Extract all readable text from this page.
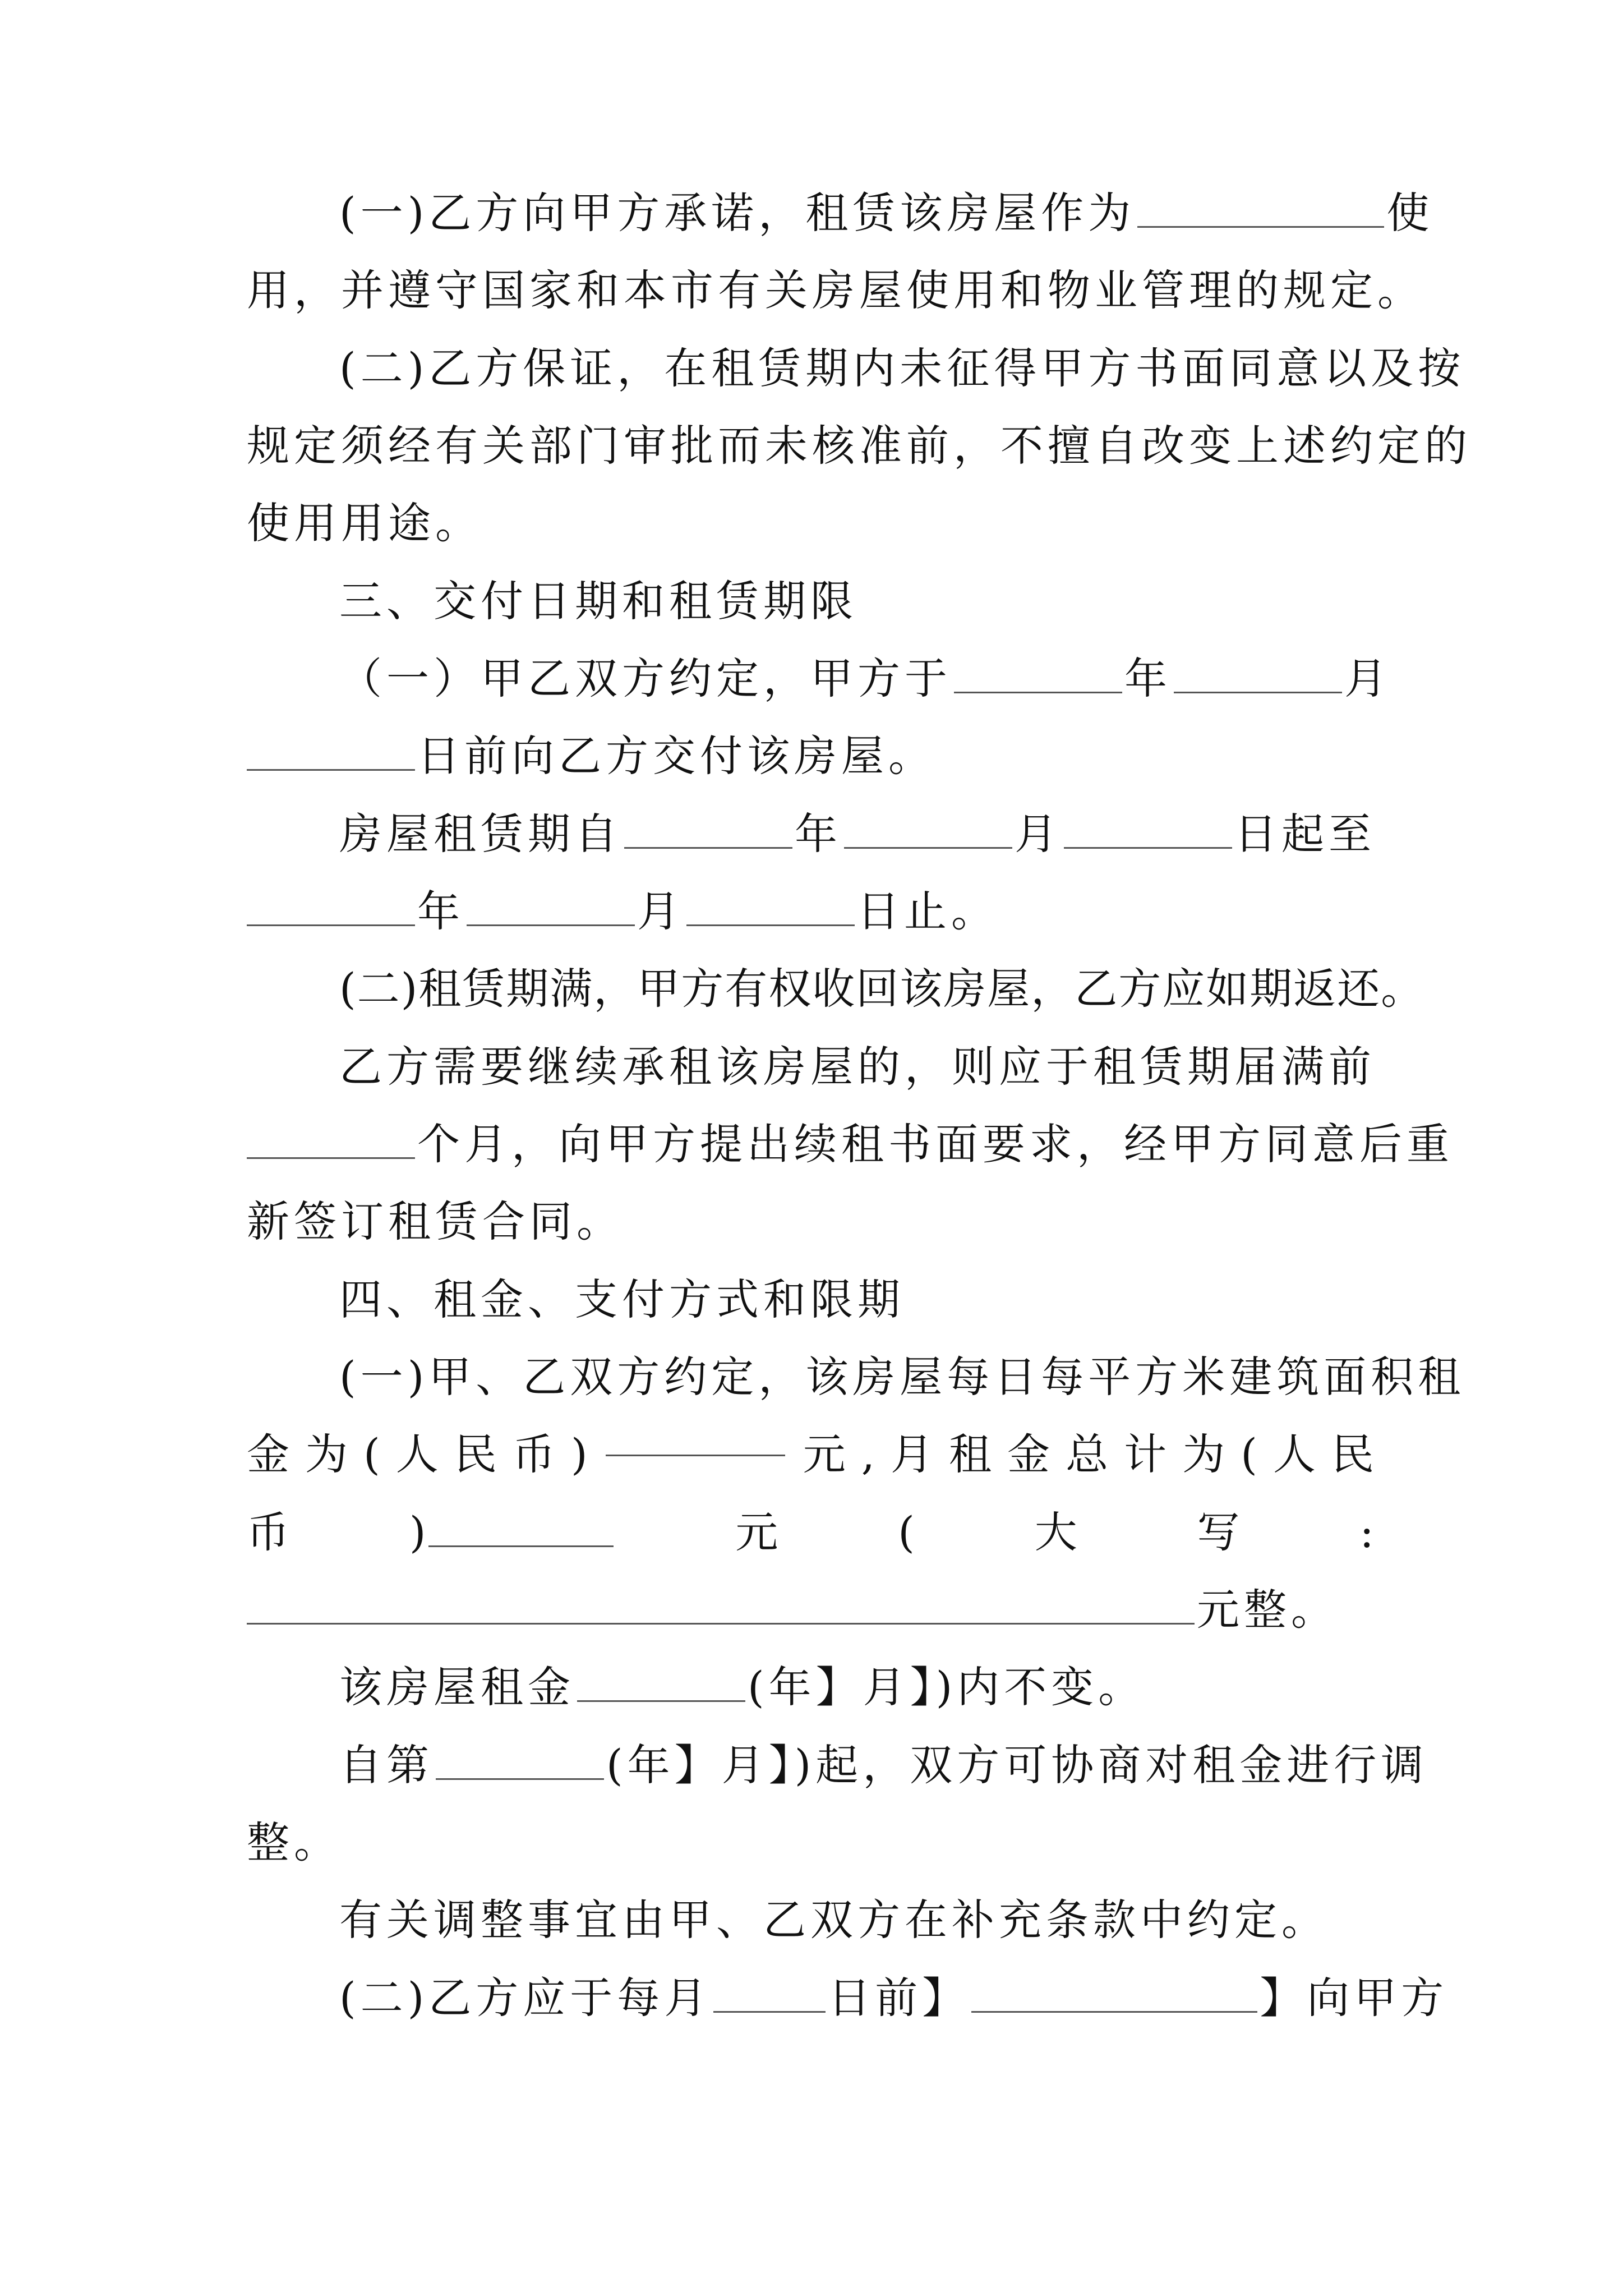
(一)乙方向甲方承诺，租赁该房屋作为	使
用，并遵守国家和本市有关房屋使用和物业管理的规定。
(二)乙方保证，在租赁期内未征得甲方书面同意以及按
规定须经有关部门审批而未核准前，不擅自改变上述约定的
使用用途。
三、交付日期和租赁期限
（一）甲乙双方约定，甲方于	年	月
日前向乙方交付该房屋。
房屋租赁期自	年	月	日起至
年	月	日止。
(二)租赁期满，甲方有权收回该房屋，乙方应如期返还。
乙方需要继续承租该房屋的，则应于租赁期届满前
个月，向甲方提出续租书面要求，经甲方同意后重
新签订租赁合同。
四、租金、支付方式和限期
(一)甲、乙双方约定，该房屋每日每平方米建筑面积租
金 为 ( 人 民 币 )	元 , 月 租 金 总 计 为 ( 人 民
币	)	元	(	大	写	:
元整。
该房屋租金	(年】月】)内不变。
自第	(年】月】)起，双方可协商对租金进行调
整。
有关调整事宜由甲、乙双方在补充条款中约定。
(二)乙方应于每月	日前】	】向甲方
